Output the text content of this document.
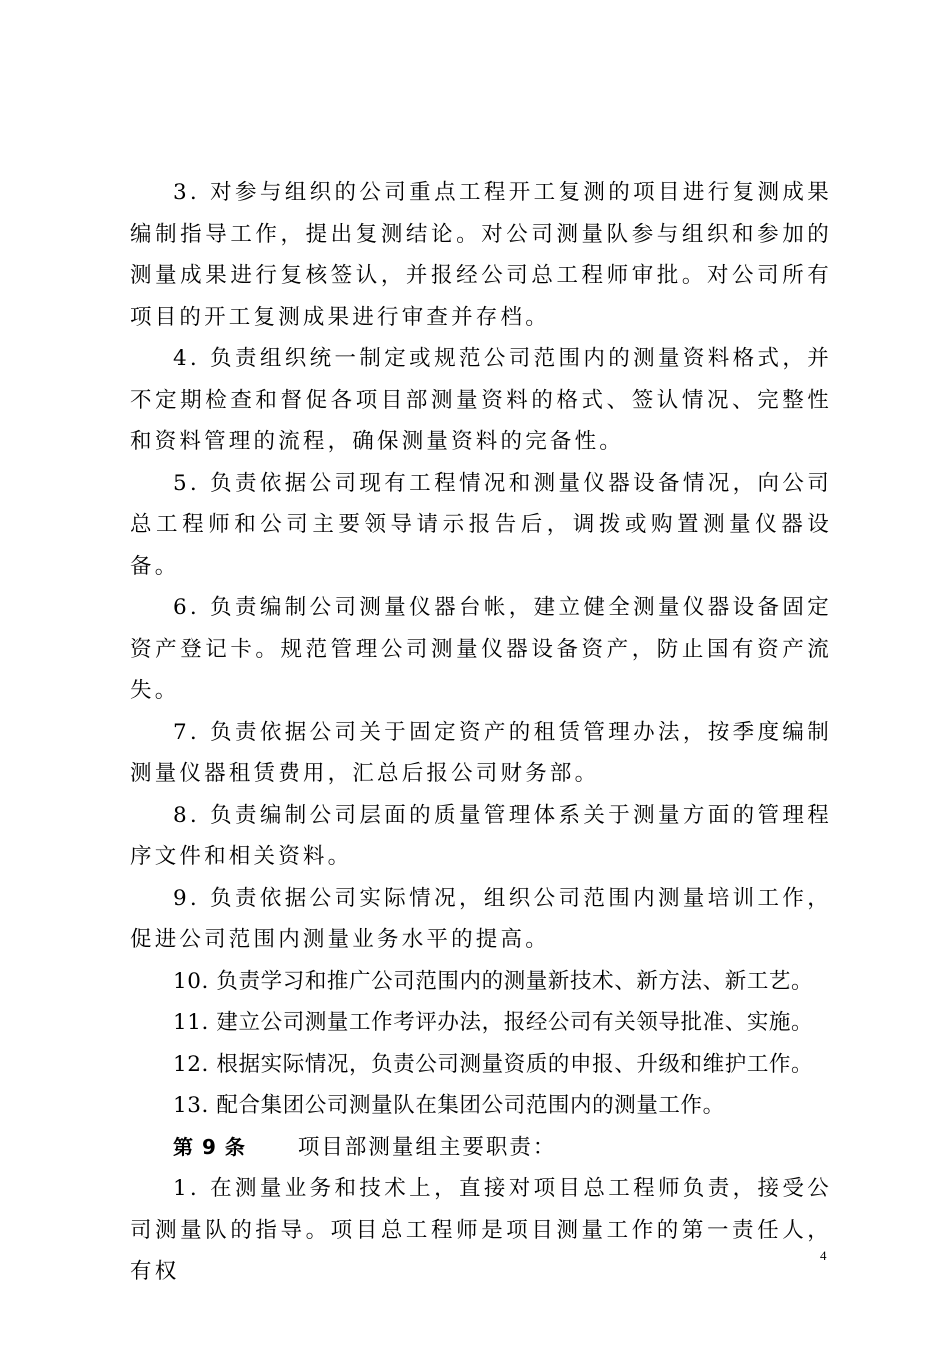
3. 对参与组织的公司重点工程开工复测的项目进行复测成果编制指导工作，提出复测结论。对公司测量队参与组织和参加的测量成果进行复核签认，并报经公司总工程师审批。对公司所有项目的开工复测成果进行审查并存档。

4. 负责组织统一制定或规范公司范围内的测量资料格式，并不定期检查和督促各项目部测量资料的格式、签认情况、完整性和资料管理的流程，确保测量资料的完备性。

5. 负责依据公司现有工程情况和测量仪器设备情况，向公司总工程师和公司主要领导请示报告后，调拨或购置测量仪器设备。

6. 负责编制公司测量仪器台帐，建立健全测量仪器设备固定资产登记卡。规范管理公司测量仪器设备资产，防止国有资产流失。

7. 负责依据公司关于固定资产的租赁管理办法，按季度编制测量仪器租赁费用，汇总后报公司财务部。

8. 负责编制公司层面的质量管理体系关于测量方面的管理程序文件和相关资料。

9. 负责依据公司实际情况，组织公司范围内测量培训工作，促进公司范围内测量业务水平的提高。

10. 负责学习和推广公司范围内的测量新技术、新方法、新工艺。

11. 建立公司测量工作考评办法，报经公司有关领导批准、实施。

12. 根据实际情况，负责公司测量资质的申报、升级和维护工作。

13. 配合集团公司测量队在集团公司范围内的测量工作。

第 9 条 项目部测量组主要职责：

1. 在测量业务和技术上，直接对项目总工程师负责，接受公司测量队的指导。项目总工程师是项目测量工作的第一责任人，有权

4
